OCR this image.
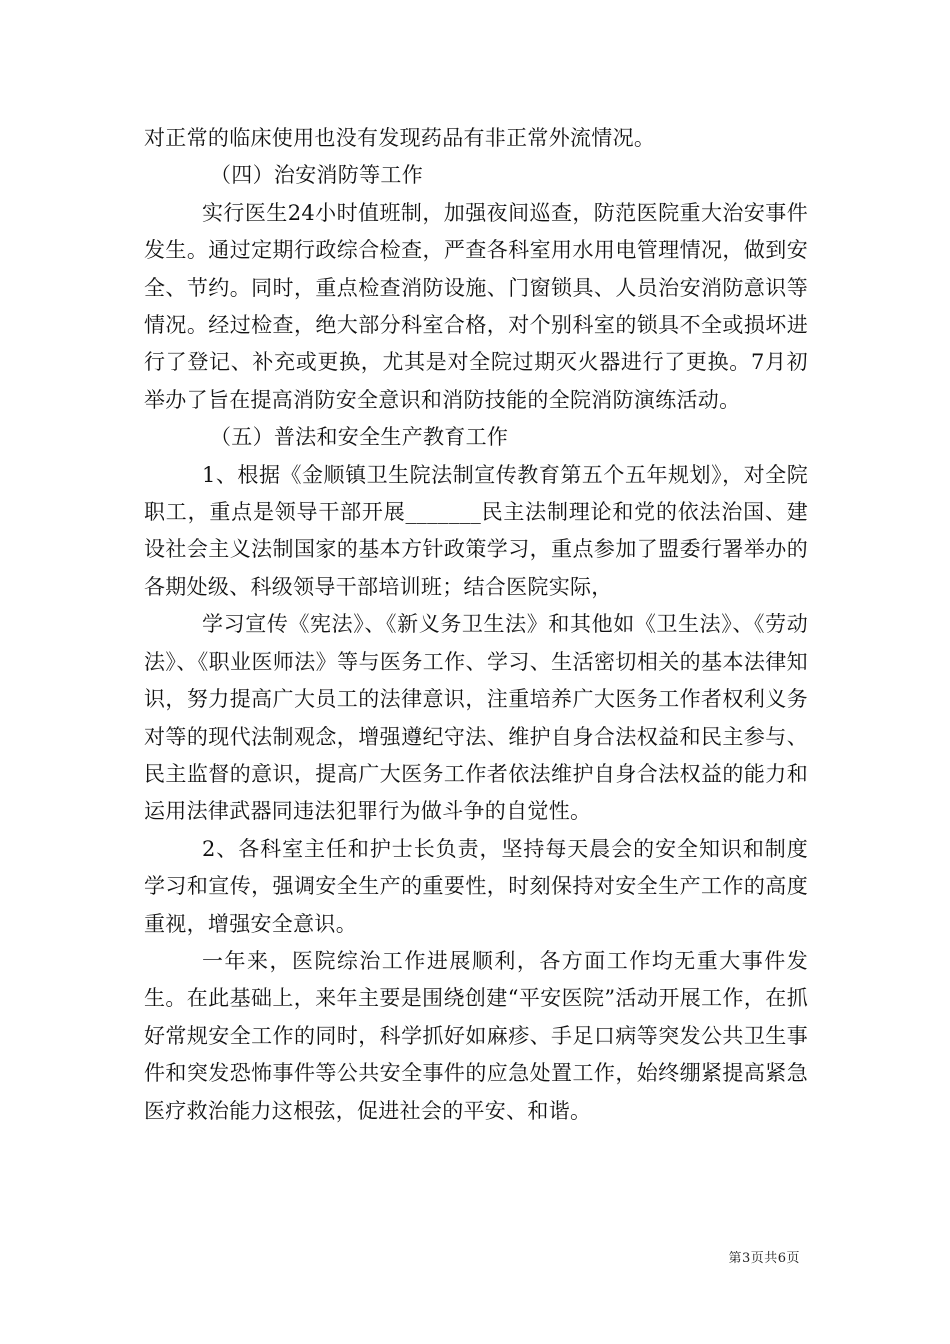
对正常的临床使用也没有发现药品有非正常外流情况。

（四）治安消防等工作

实行医生24小时值班制，加强夜间巡查，防范医院重大治安事件发生。通过定期行政综合检查，严查各科室用水用电管理情况，做到安全、节约。同时，重点检查消防设施、门窗锁具、人员治安消防意识等情况。经过检查，绝大部分科室合格，对个别科室的锁具不全或损坏进行了登记、补充或更换，尤其是对全院过期灭火器进行了更换。7月初举办了旨在提高消防安全意识和消防技能的全院消防演练活动。

（五）普法和安全生产教育工作

1、根据《金顺镇卫生院法制宣传教育第五个五年规划》，对全院职工，重点是领导干部开展_______民主法制理论和党的依法治国、建设社会主义法制国家的基本方针政策学习，重点参加了盟委行署举办的各期处级、科级领导干部培训班；结合医院实际，

学习宣传《宪法》、《新义务卫生法》和其他如《卫生法》、《劳动法》、《职业医师法》等与医务工作、学习、生活密切相关的基本法律知识，努力提高广大员工的法律意识，注重培养广大医务工作者权利义务对等的现代法制观念，增强遵纪守法、维护自身合法权益和民主参与、民主监督的意识，提高广大医务工作者依法维护自身合法权益的能力和运用法律武器同违法犯罪行为做斗争的自觉性。

2、各科室主任和护士长负责，坚持每天晨会的安全知识和制度学习和宣传，强调安全生产的重要性，时刻保持对安全生产工作的高度重视，增强安全意识。

一年来，医院综治工作进展顺利，各方面工作均无重大事件发生。在此基础上，来年主要是围绕创建“平安医院”活动开展工作，在抓好常规安全工作的同时，科学抓好如麻疹、手足口病等突发公共卫生事件和突发恐怖事件等公共安全事件的应急处置工作，始终绷紧提高紧急医疗救治能力这根弦，促进社会的平安、和谐。

第3页共6页
